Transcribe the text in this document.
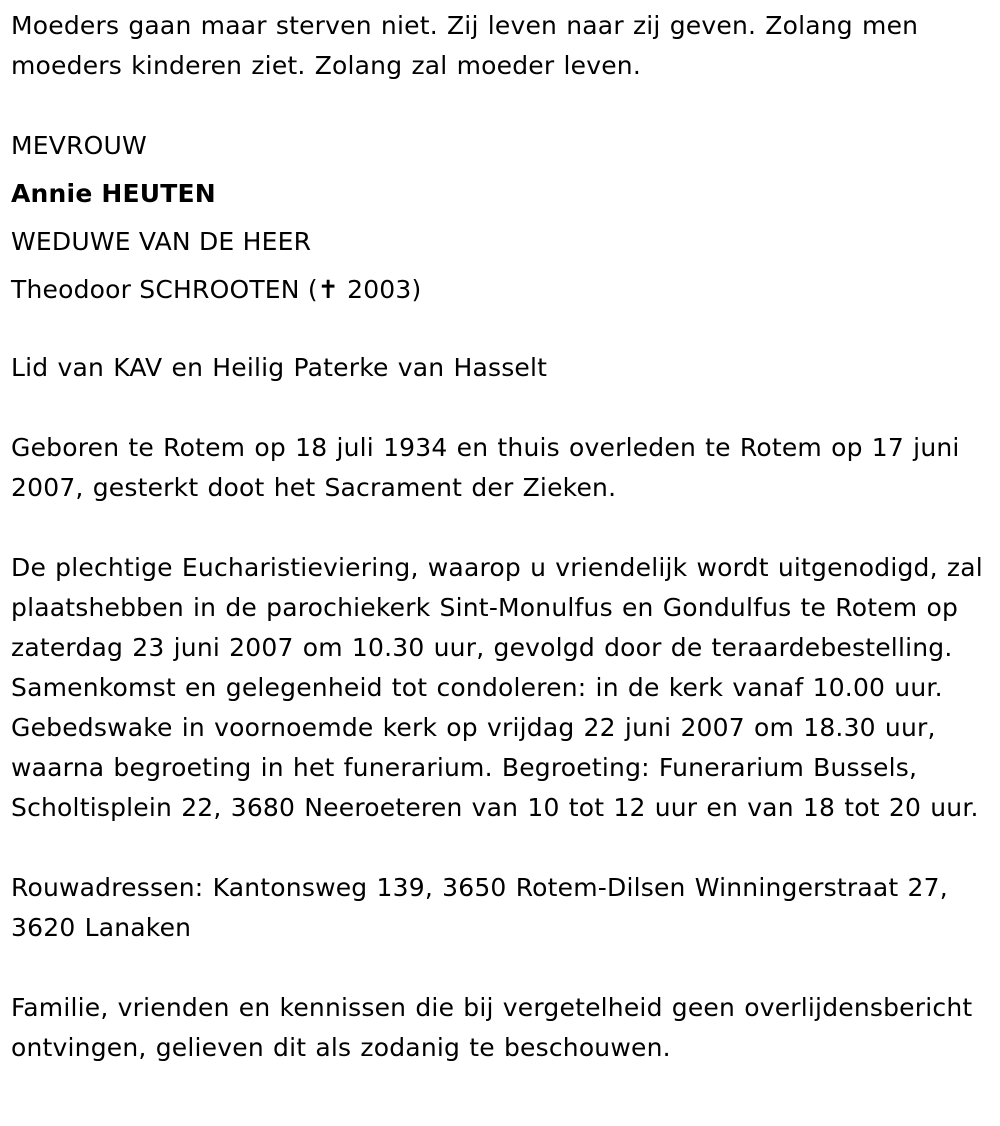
Moeders gaan maar sterven niet. Zij leven naar zij geven. Zolang men moeders kinderen ziet. Zolang zal moeder leven.

MEVROUW
Annie HEUTEN
WEDUWE VAN DE HEER
Theodoor SCHROOTEN (✝ 2003)

Lid van KAV en Heilig Paterke van Hasselt

Geboren te Rotem op 18 juli 1934 en thuis overleden te Rotem op 17 juni 2007, gesterkt doot het Sacrament der Zieken.

De plechtige Eucharistieviering, waarop u vriendelijk wordt uitgenodigd, zal plaatshebben in de parochiekerk Sint-Monulfus en Gondulfus te Rotem op zaterdag 23 juni 2007 om 10.30 uur, gevolgd door de teraardebestelling. Samenkomst en gelegenheid tot condoleren: in de kerk vanaf 10.00 uur. Gebedswake in voornoemde kerk op vrijdag 22 juni 2007 om 18.30 uur, waarna begroeting in het funerarium. Begroeting: Funerarium Bussels, Scholtisplein 22, 3680 Neeroeteren van 10 tot 12 uur en van 18 tot 20 uur.

Rouwadressen: Kantonsweg 139, 3650 Rotem-Dilsen Winningerstraat 27, 3620 Lanaken

Familie, vrienden en kennissen die bij vergetelheid geen overlijdensbericht ontvingen, gelieven dit als zodanig te beschouwen.
